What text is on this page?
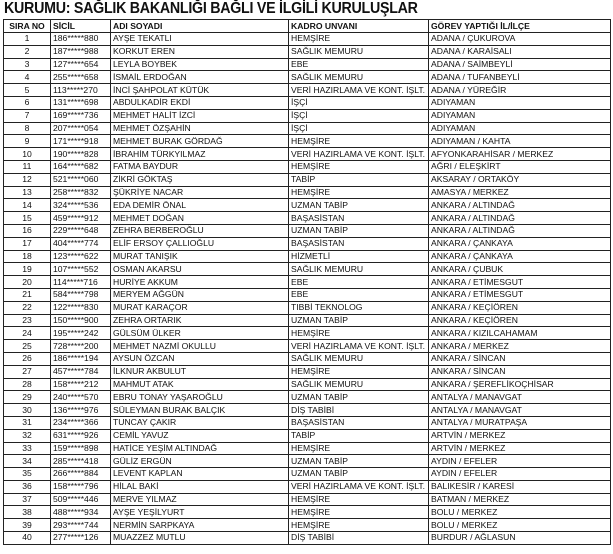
KURUMU: SAĞLIK BAKANLIĞI BAĞLI VE İLGİLİ KURULUŞLAR
SIRA NO	SİCİL	ADI SOYADI	KADRO UNVANI	GÖREV YAPTIĞI İL/İLÇE
1	186*****880	AYŞE TEKATLI	HEMŞİRE	ADANA / ÇUKUROVA
2	187*****988	KORKUT EREN	SAĞLIK MEMURU	ADANA / KARAİSALI
3	127*****654	LEYLA BOYBEK	EBE	ADANA / SAİMBEYLİ
4	255*****658	İSMAİL ERDOĞAN	SAĞLIK MEMURU	ADANA / TUFANBEYLİ
5	113*****270	İNCİ ŞAHPOLAT KÜTÜK	VERİ HAZIRLAMA VE KONT. İŞLT.	ADANA / YÜREĞİR
6	131*****698	ABDULKADİR EKDİ	İŞÇİ	ADIYAMAN
7	169*****736	MEHMET HALİT İZCİ	İŞÇİ	ADIYAMAN
8	207*****054	MEHMET ÖZŞAHİN	İŞÇİ	ADIYAMAN
9	171*****918	MEHMET BURAK GÖRDAĞ	HEMŞİRE	ADIYAMAN / KAHTA
10	190*****828	İBRAHİM TÜRKYILMAZ	VERİ HAZIRLAMA VE KONT. İŞLT.	AFYONKARAHİSAR / MERKEZ
11	164*****682	FATMA BAYDUR	HEMŞİRE	AĞRI / ELEŞKİRT
12	521*****060	ZİKRİ GÖKTAŞ	TABİP	AKSARAY / ORTAKÖY
13	258*****832	ŞÜKRİYE NACAR	HEMŞİRE	AMASYA / MERKEZ
14	324*****536	EDA DEMİR ÖNAL	UZMAN TABİP	ANKARA / ALTINDAĞ
15	459*****912	MEHMET DOĞAN	BAŞASİSTAN	ANKARA / ALTINDAĞ
16	229*****648	ZEHRA BERBEROĞLU	UZMAN TABİP	ANKARA / ALTINDAĞ
17	404*****774	ELİF ERSOY ÇALLIOĞLU	BAŞASİSTAN	ANKARA / ÇANKAYA
18	123*****622	MURAT TANIŞIK	HİZMETLİ	ANKARA / ÇANKAYA
19	107*****552	OSMAN AKARSU	SAĞLIK MEMURU	ANKARA / ÇUBUK
20	114*****716	HURİYE AKKUM	EBE	ANKARA / ETİMESGUT
21	584*****798	MERYEM AĞGÜN	EBE	ANKARA / ETİMESGUT
22	122*****830	MURAT KARAÇOR	TIBBİ TEKNOLOG	ANKARA / KEÇİÖREN
23	150*****900	ZEHRA ORTARIK	UZMAN TABİP	ANKARA / KEÇİÖREN
24	195*****242	GÜLSÜM ÜLKER	HEMŞİRE	ANKARA / KIZILCAHAMAM
25	728*****200	MEHMET NAZMİ OKULLU	VERİ HAZIRLAMA VE KONT. İŞLT.	ANKARA / MERKEZ
26	186*****194	AYSUN ÖZCAN	SAĞLIK MEMURU	ANKARA / SİNCAN
27	457*****784	İLKNUR AKBULUT	HEMŞİRE	ANKARA / SİNCAN
28	158*****212	MAHMUT ATAK	SAĞLIK MEMURU	ANKARA / ŞEREFLİKOÇHİSAR
29	240*****570	EBRU TONAY YAŞAROĞLU	UZMAN TABİP	ANTALYA / MANAVGAT
30	136*****976	SÜLEYMAN BURAK BALÇIK	DİŞ TABİBİ	ANTALYA / MANAVGAT
31	234*****366	TUNCAY ÇAKIR	BAŞASİSTAN	ANTALYA / MURATPAŞA
32	631*****926	CEMİL YAVUZ	TABİP	ARTVİN / MERKEZ
33	159*****898	HATİCE YEŞİM ALTINDAĞ	HEMŞİRE	ARTVİN / MERKEZ
34	285*****418	GÜLİZ ERGÜN	UZMAN TABİP	AYDIN / EFELER
35	266*****884	LEVENT KAPLAN	UZMAN TABİP	AYDIN / EFELER
36	158*****796	HİLAL BAKİ	VERİ HAZIRLAMA VE KONT. İŞLT.	BALIKESİR / KARESİ
37	509*****446	MERVE YILMAZ	HEMŞİRE	BATMAN / MERKEZ
38	488*****934	AYŞE YEŞİLYURT	HEMŞİRE	BOLU / MERKEZ
39	293*****744	NERMİN SARPKAYA	HEMŞİRE	BOLU / MERKEZ
40	277*****126	MUAZZEZ MUTLU	DİŞ TABİBİ	BURDUR / AĞLASUN
